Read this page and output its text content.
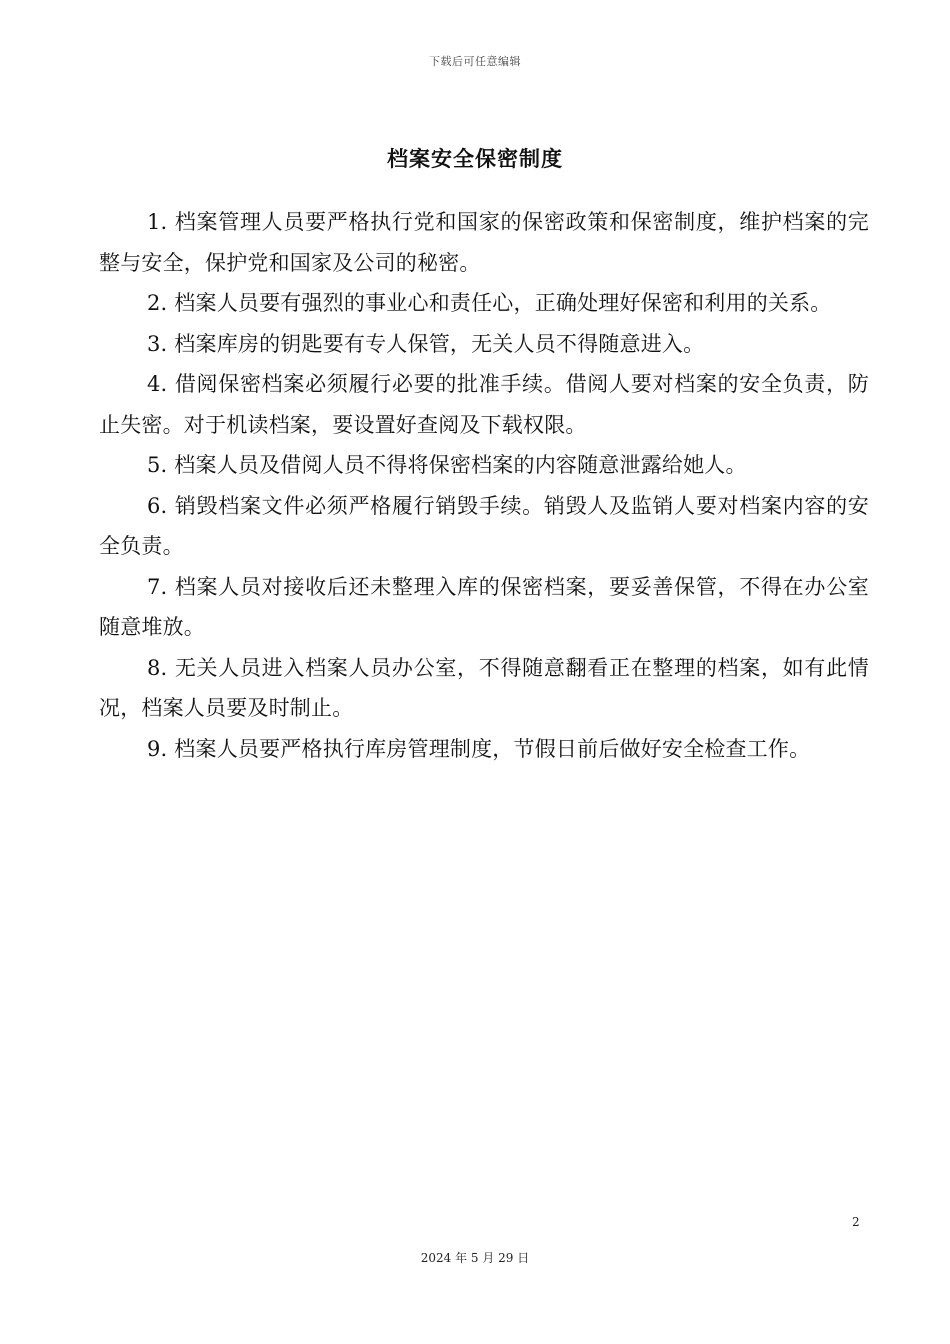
下载后可任意编辑
档案安全保密制度

1. 档案管理人员要严格执行党和国家的保密政策和保密制度，维护档案的完整与安全，保护党和国家及公司的秘密。

2. 档案人员要有强烈的事业心和责任心，正确处理好保密和利用的关系。

3. 档案库房的钥匙要有专人保管，无关人员不得随意进入。

4. 借阅保密档案必须履行必要的批准手续。借阅人要对档案的安全负责，防止失密。对于机读档案，要设置好查阅及下载权限。

5. 档案人员及借阅人员不得将保密档案的内容随意泄露给她人。

6. 销毁档案文件必须严格履行销毁手续。销毁人及监销人要对档案内容的安全负责。

7. 档案人员对接收后还未整理入库的保密档案，要妥善保管，不得在办公室随意堆放。

8. 无关人员进入档案人员办公室，不得随意翻看正在整理的档案，如有此情况，档案人员要及时制止。

9. 档案人员要严格执行库房管理制度，节假日前后做好安全检查工作。

2
2024 年 5 月 29 日
